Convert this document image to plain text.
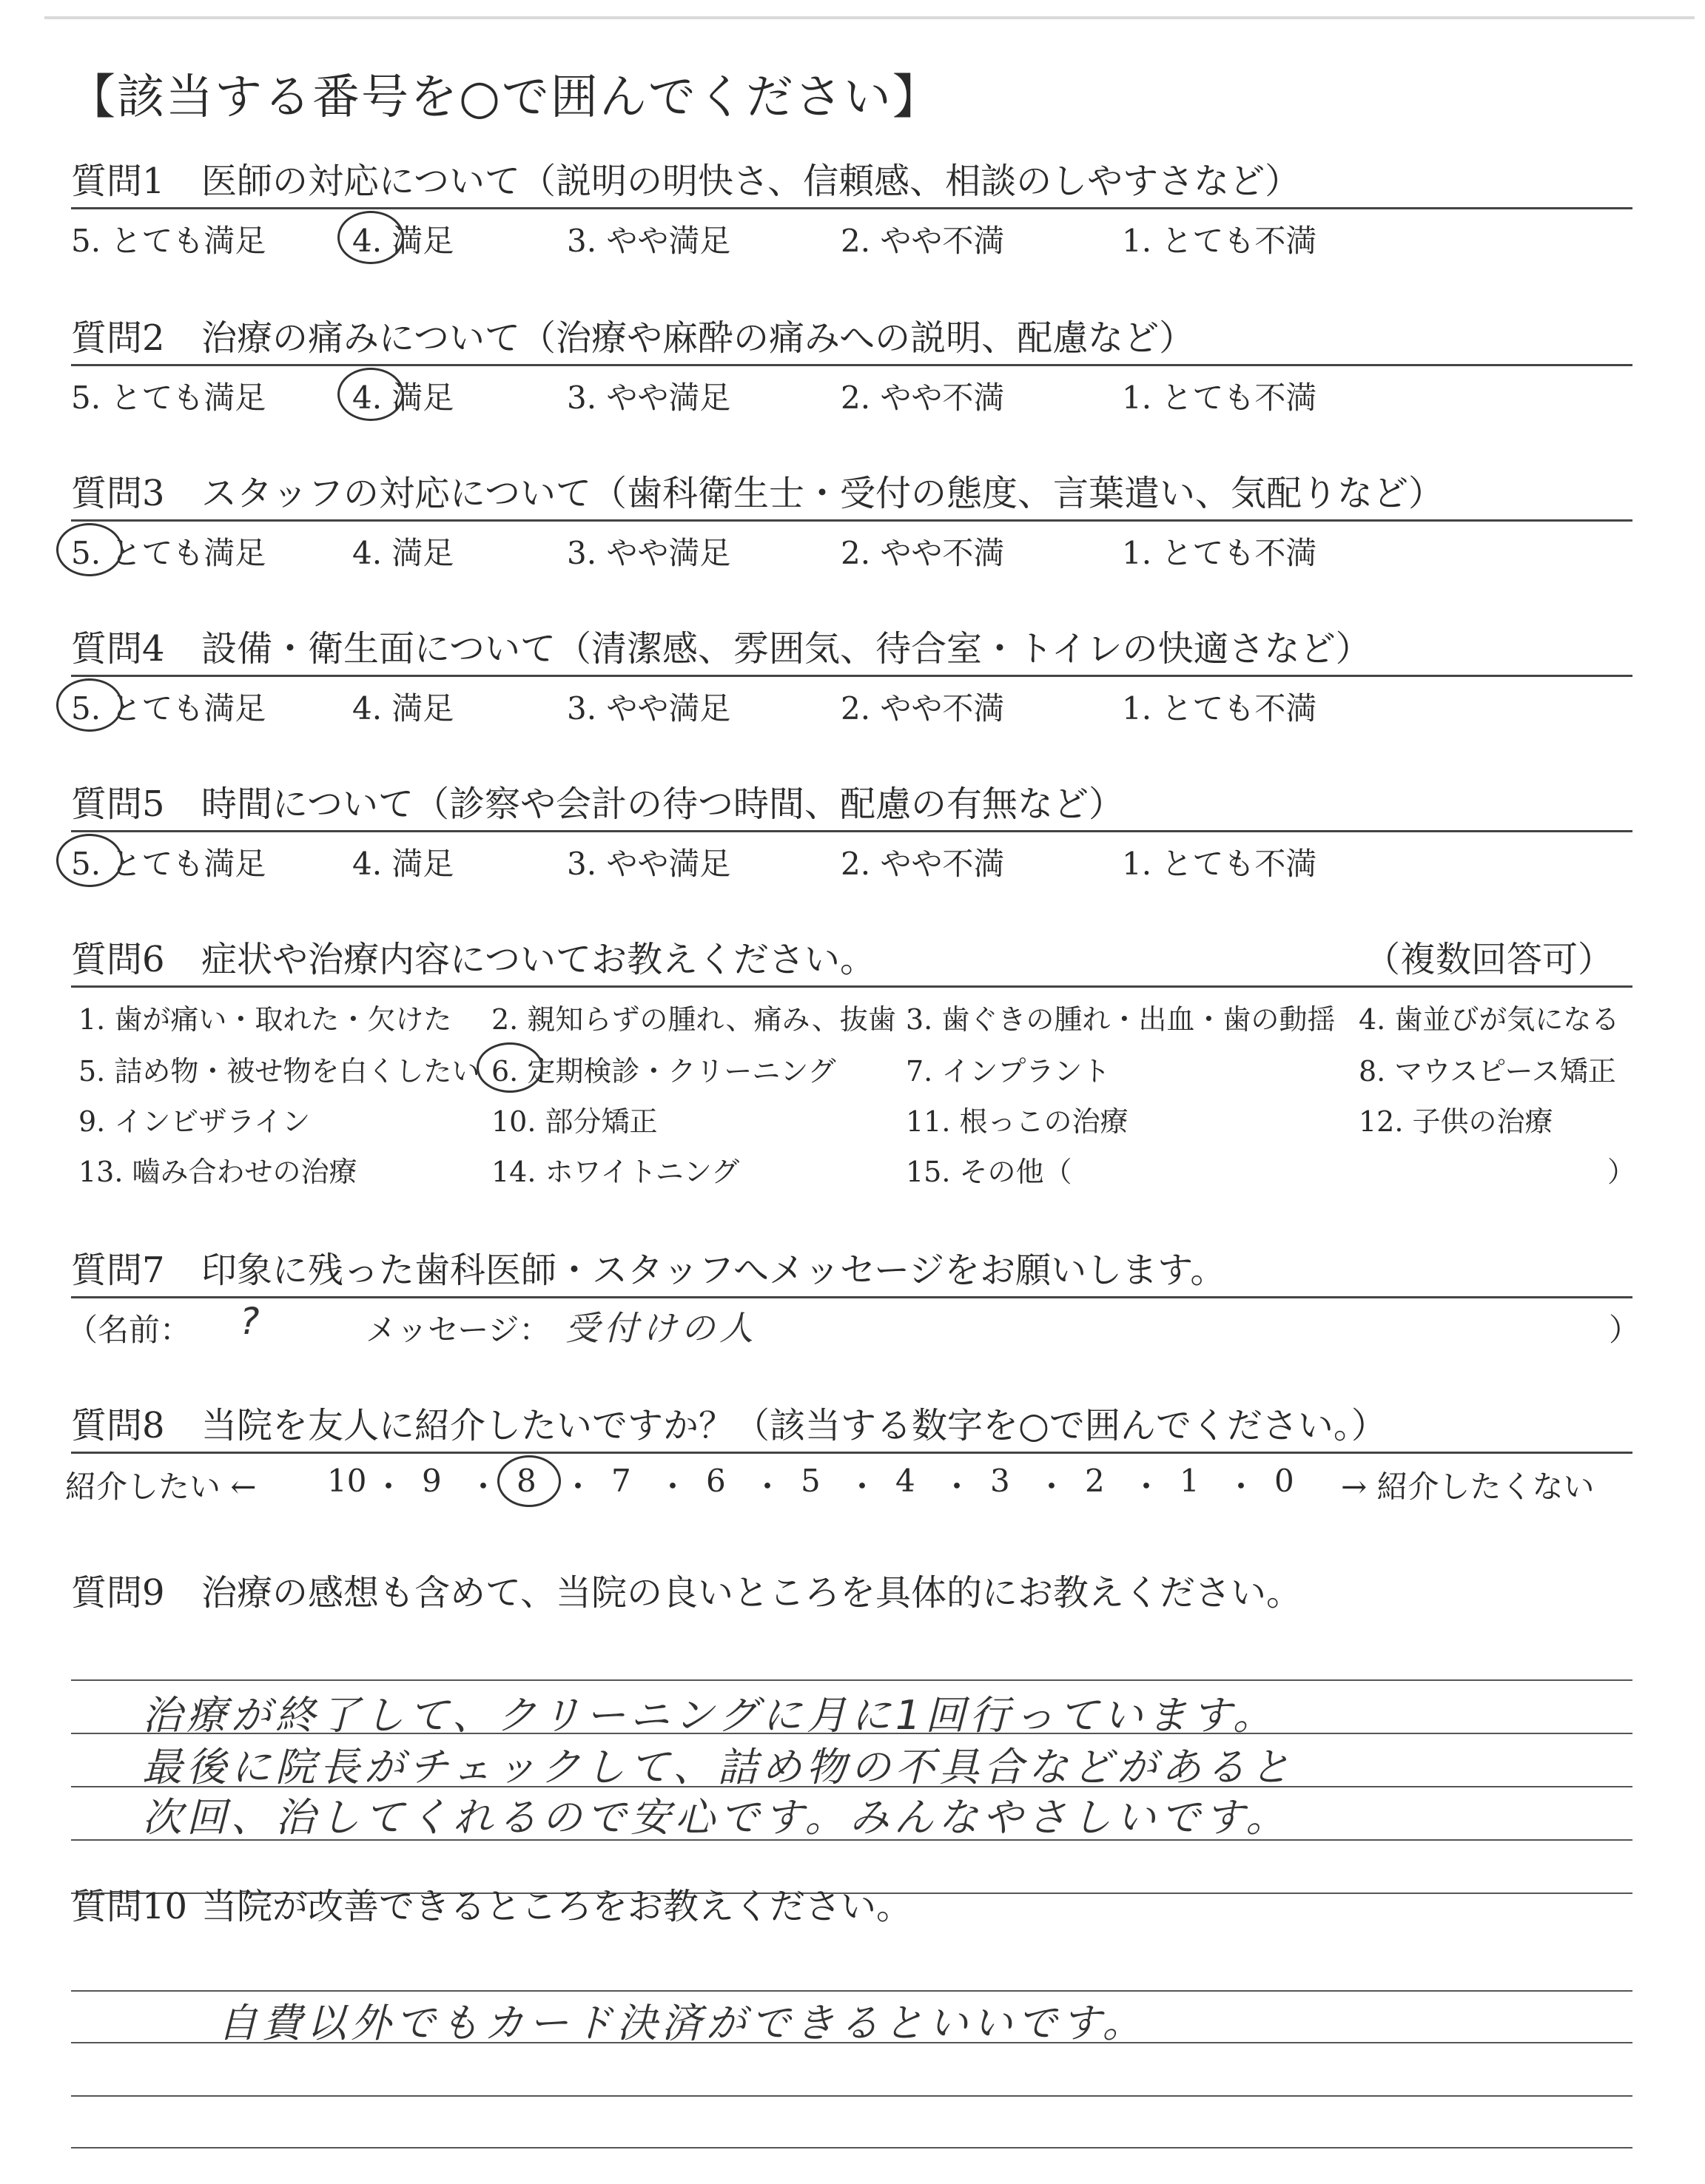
【該当する番号を○で囲んでください】
質問1 医師の対応について（説明の明快さ、信頼感、相談のしやすさなど）
5. とても満足	4. 満足	3. やや満足	2. やや不満	1. とても不満
質問2 治療の痛みについて（治療や麻酔の痛みへの説明、配慮など）
5. とても満足	4. 満足	3. やや満足	2. やや不満	1. とても不満
質問3 スタッフの対応について（歯科衛生士・受付の態度、言葉遣い、気配りなど）
5. とても満足	4. 満足	3. やや満足	2. やや不満	1. とても不満
質問4 設備・衛生面について（清潔感、雰囲気、待合室・トイレの快適さなど）
5. とても満足	4. 満足	3. やや満足	2. やや不満	1. とても不満
質問5 時間について（診察や会計の待つ時間、配慮の有無など）
5. とても満足	4. 満足	3. やや満足	2. やや不満	1. とても不満
質問6 症状や治療内容についてお教えください。	（複数回答可）
1. 歯が痛い・取れた・欠けた 2. 親知らずの腫れ、痛み、抜歯 3. 歯ぐきの腫れ・出血・歯の動揺 4. 歯並びが気になる
5. 詰め物・被せ物を白くしたい 6. 定期検診・クリーニング 7. インプラント	8. マウスピース矯正
9. インビザライン	10. 部分矯正	11. 根っこの治療	12. 子供の治療
13. 嚙み合わせの治療	14. ホワイトニング	15. その他（	）
質問7 印象に残った歯科医師・スタッフへメッセージをお願いします。
（名前： ?	メッセージ： 受付けの人	）
質問8 当院を友人に紹介したいですか？（該当する数字を○で囲んでください。）
紹介したい ←	→ 紹介したくない
10 ・ 9 ・ 8 ・ 7 ・ 6 ・ 5 ・ 4 ・ 3 ・ 2 ・ 1 ・ 0
質問9 治療の感想も含めて、当院の良いところを具体的にお教えください。
治療が終了して、クリーニングに月に1回行っています。
最後に院長がチェックして、詰め物の不具合などがあると
次回、治してくれるので安心です。みんなやさしいです。
質問10 当院が改善できるところをお教えください。
自費以外でもカード決済ができるといいです。
